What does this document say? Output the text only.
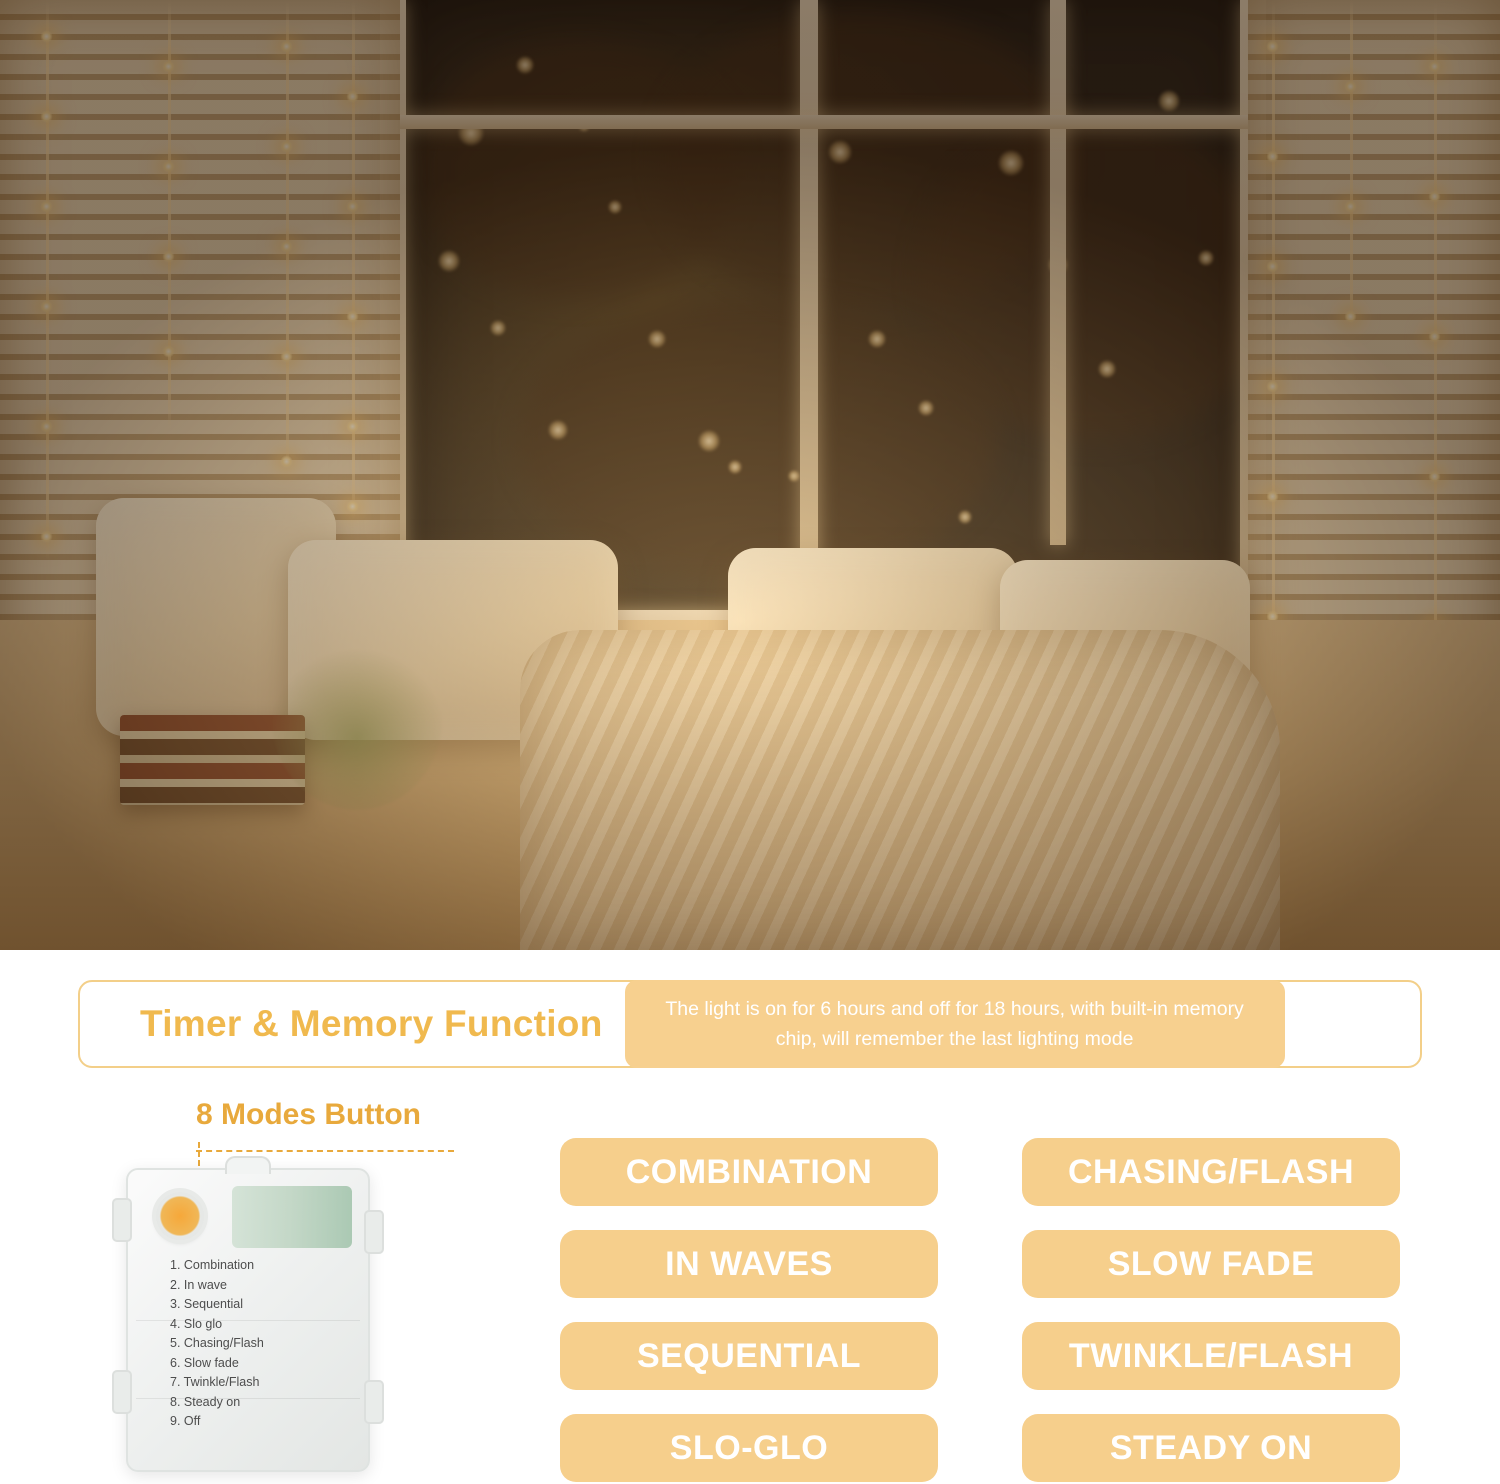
Timer & Memory Function	The light is on for 6 hours and off for 18 hours, with built-in memory chip, will remember the last lighting mode
8 Modes Button
1. Combination
2. In wave
3. Sequential
4. Slo glo
5. Chasing/Flash
6. Slow fade
7. Twinkle/Flash
8. Steady on
9. Off
COMBINATION	CHASING/FLASH
IN WAVES	SLOW FADE
SEQUENTIAL	TWINKLE/FLASH
SLO-GLO	STEADY ON
